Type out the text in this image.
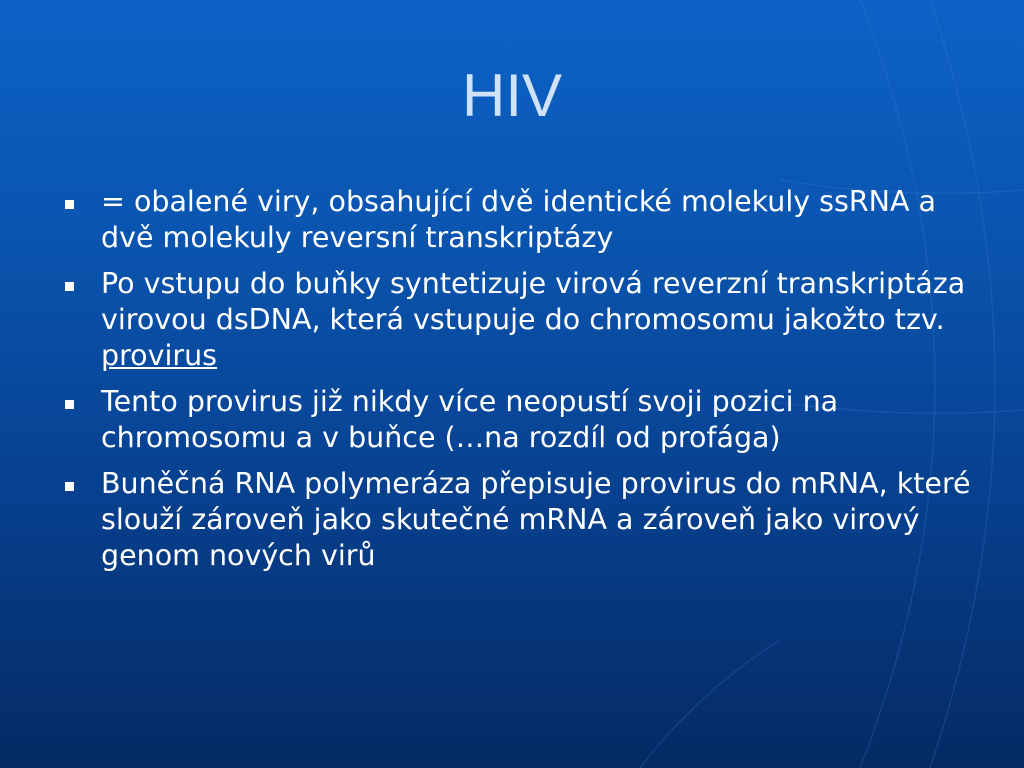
HIV
= obalené viry, obsahující dvě identické molekuly ssRNA a dvě molekuly reversní transkriptázy
Po vstupu do buňky syntetizuje virová reverzní transkriptáza virovou dsDNA, která vstupuje do chromosomu jakožto tzv. provirus
Tento provirus již nikdy více neopustí svoji pozici na chromosomu a v buňce (…na rozdíl od profága)
Buněčná RNA polymeráza přepisuje provirus do mRNA, které slouží zároveň jako skutečné mRNA a zároveň jako virový genom nových virů
